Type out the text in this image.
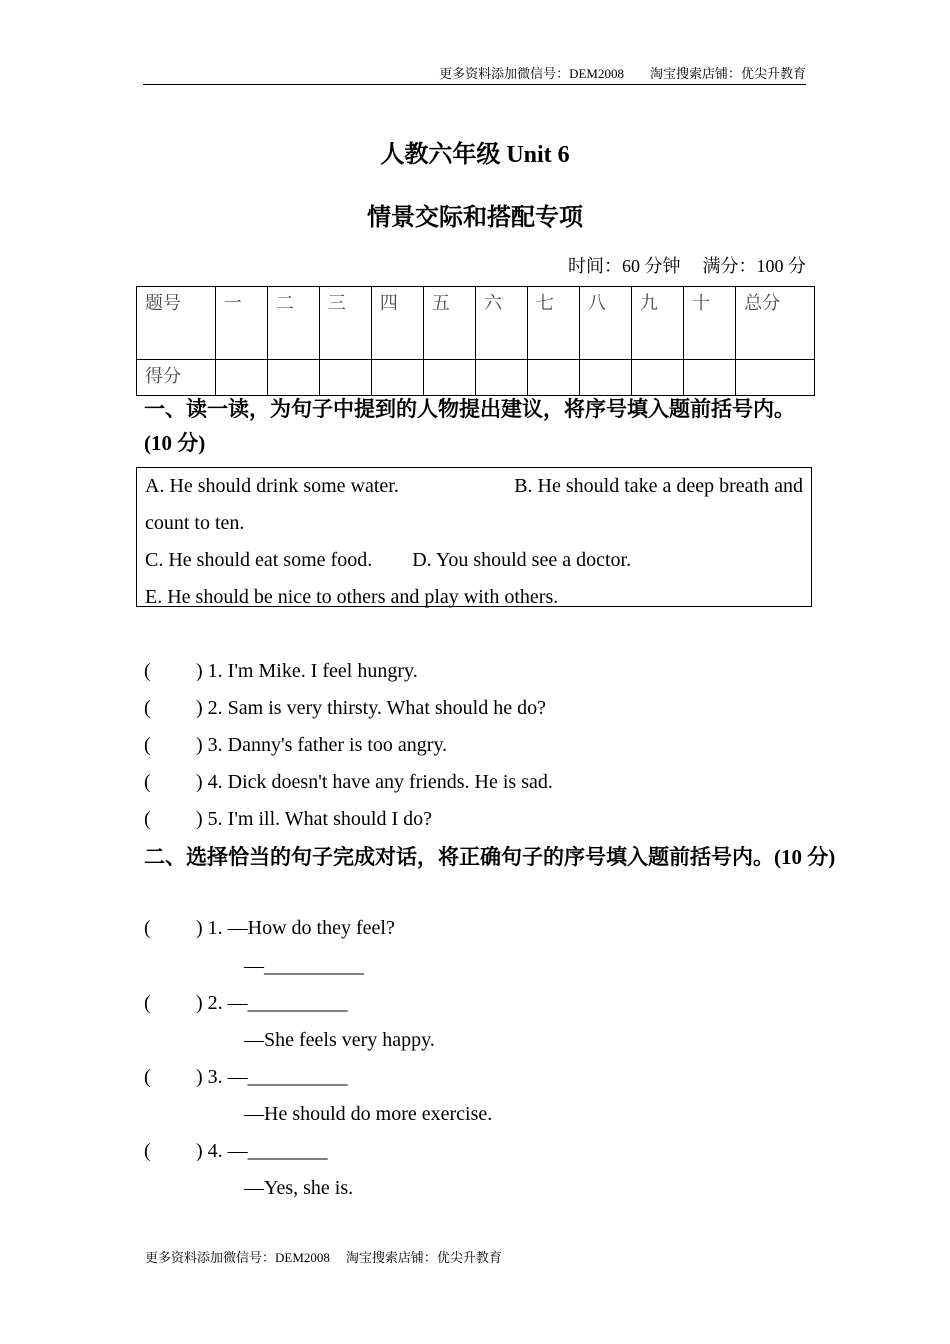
更多资料添加微信号：DEM2008 淘宝搜索店铺：优尖升教育
人教六年级 Unit 6
情景交际和搭配专项
时间：60 分钟 满分：100 分
题号	一	二	三	四	五	六	七	八	九	十	总分
得分											
一、读一读，为句子中提到的人物提出建议，将序号填入题前括号内。(10 分)
A. He should drink some water.	B. He should take a deep breath and
count to ten.
C. He should eat some food. D. You should see a doctor.
E. He should be nice to others and play with others.
( ) 1. I'm Mike. I feel hungry.
( ) 2. Sam is very thirsty. What should he do?
( ) 3. Danny's father is too angry.
( ) 4. Dick doesn't have any friends. He is sad.
( ) 5. I'm ill. What should I do?
二、选择恰当的句子完成对话，将正确句子的序号填入题前括号内。(10 分)
( ) 1. —How do they feel?
—__________
( ) 2. —__________
—She feels very happy.
( ) 3. —__________
—He should do more exercise.
( ) 4. —________
—Yes, she is.
更多资料添加微信号：DEM2008 淘宝搜索店铺：优尖升教育
